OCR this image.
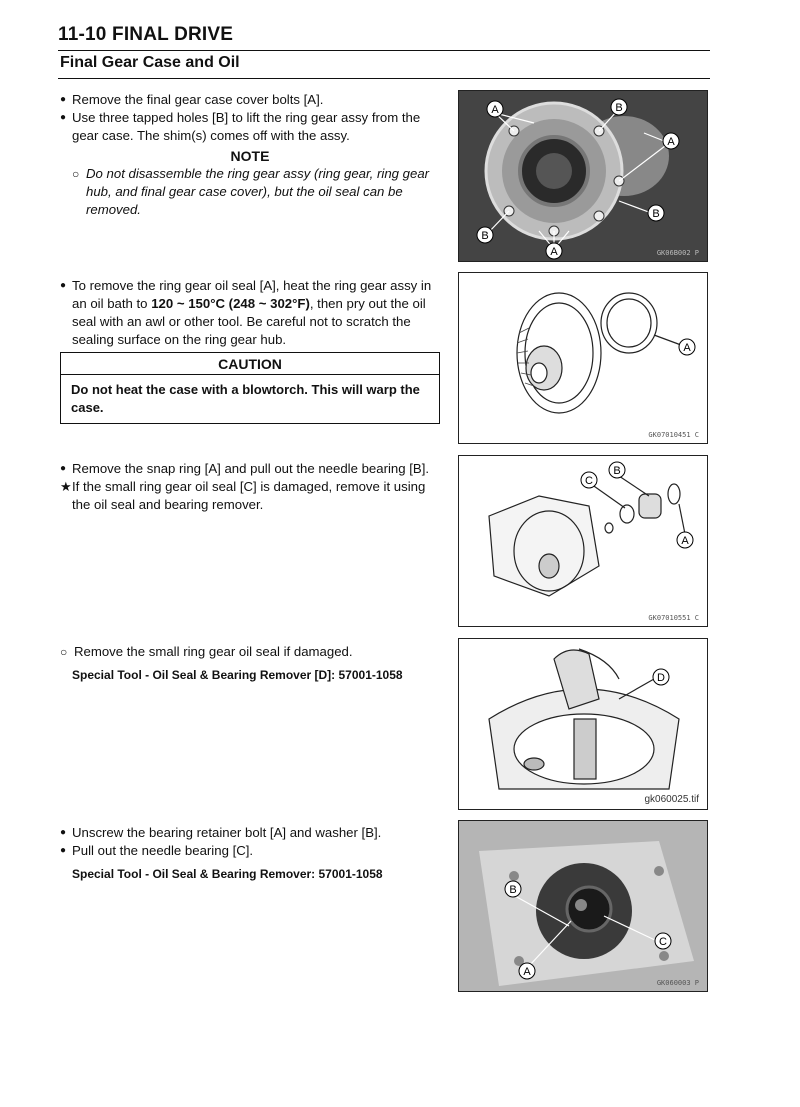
11-10 FINAL DRIVE
Final Gear Case and Oil
● Remove the final gear case cover bolts [A].
● Use three tapped holes [B] to lift the ring gear assy from the gear case. The shim(s) comes off with the assy.
NOTE
○ Do not disassemble the ring gear assy (ring gear, ring gear hub, and final gear case cover), but the oil seal can be removed.
● To remove the ring gear oil seal [A], heat the ring gear assy in an oil bath to 120 ~ 150°C (248 ~ 302°F), then pry out the oil seal with an awl or other tool. Be careful not to scratch the sealing surface on the ring gear hub.
CAUTION
Do not heat the case with a blowtorch. This will warp the case.
● Remove the snap ring [A] and pull out the needle bearing [B].
★ If the small ring gear oil seal [C] is damaged, remove it using the oil seal and bearing remover.
○ Remove the small ring gear oil seal if damaged.
Special Tool - Oil Seal & Bearing Remover [D]: 57001-1058
● Unscrew the bearing retainer bolt [A] and washer [B].
● Pull out the needle bearing [C].
Special Tool - Oil Seal & Bearing Remover: 57001-1058
A	B
A
B
B
A	GK06B002 P
A
GK07010451 C
C
B
A
GK07010551 C
D
gk060025.tif
B
C
A
GK060003 P
